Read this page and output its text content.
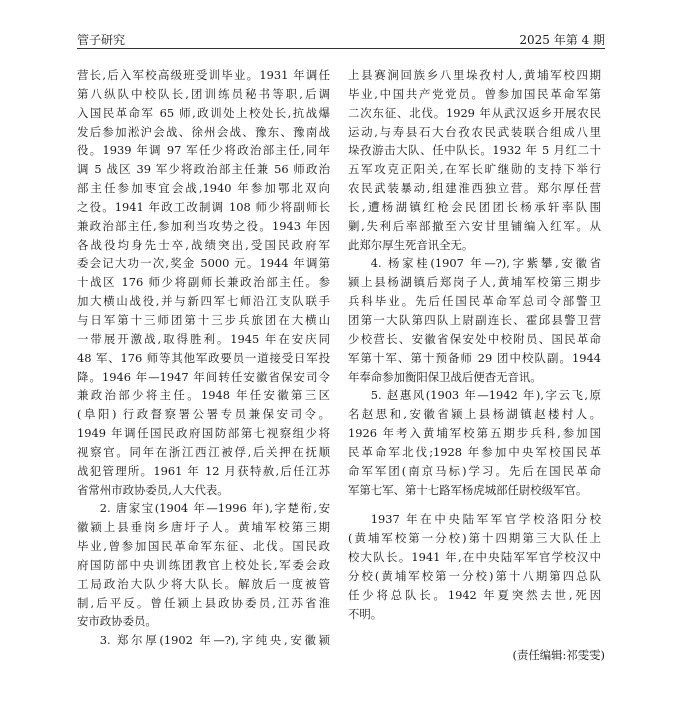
管子研究	2025 年第 4 期

营长,后入军校高级班受训毕业。1931 年调任
第八纵队中校队长,团训练员秘书等职,后调
入国民革命军 65 师,政训处上校处长,抗战爆
发后参加淞沪会战、徐州会战、豫东、豫南战
役。1939 年调 97 军任少将政治部主任,同年
调 5 战区 39 军少将政治部主任兼 56 师政治
部主任参加枣宜会战,1940 年参加鄂北双向
之役。1941 年政工改制调 108 师少将副师长
兼政治部主任,参加利当攻势之役。1943 年因
各战役均身先士卒,战绩突出,受国民政府军
委会记大功一次,奖金 5000 元。1944 年调第
十战区 176 师少将副师长兼政治部主任。参
加大横山战役,并与新四军七师沿江支队联手
与日军第十三师团第十三步兵旅团在大横山
一带展开激战,取得胜利。1945 年在安庆同
48 军、176 师等其他军政要员一道接受日军投
降。1946 年—1947 年间转任安徽省保安司令
兼政治部少将主任。1948 年任安徽第三区
(阜阳) 行政督察署公署专员兼保安司令。
1949 年调任国民政府国防部第七视察组少将
视察官。同年在浙江西江被俘,后关押在抚顺
战犯管理所。1961 年 12 月获特赦,后任江苏
省常州市政协委员,人大代表。

2. 唐家宝(1904 年—1996 年),字楚衔,安
徽颍上县垂岗乡唐圩子人。黄埔军校第三期
毕业,曾参加国民革命军东征、北伐。国民政
府国防部中央训练团教官上校处长,军委会政
工局政治大队少将大队长。解放后一度被管
制,后平反。曾任颍上县政协委员,江苏省淮
安市政协委员。

3. 郑尔厚(1902 年—?),字纯央,安徽颍

上县赛涧回族乡八里垛孜村人,黄埔军校四期
毕业,中国共产党党员。曾参加国民革命军第
二次东征、北伐。1929 年从武汉返乡开展农民
运动,与寿县石大台孜农民武装联合组成八里
垛孜游击大队、任中队长。1932 年 5 月红二十
五军攻克正阳关,在军长旷继勋的支持下举行
农民武装暴动,组建淮西独立营。郑尔厚任营
长,遭杨湖镇红枪会民团团长杨承轩率队围
剿,失利后率部撤至六安甘里铺编入红军。从
此郑尔厚生死音讯全无。

4. 杨家桂(1907 年—?),字紫攀,安徽省
颍上县杨湖镇后郑岗子人,黄埔军校第三期步
兵科毕业。先后任国民革命军总司令部警卫
团第一大队第四队上尉副连长、霍邱县警卫营
少校营长、安徽省保安处中校附员、国民革命
军第十军、第十预备师 29 团中校队副。1944
年奉命参加衡阳保卫战后便杳无音讯。

5. 赵惠风(1903 年—1942 年),字云飞,原
名赵思和,安徽省颍上县杨湖镇赵楼村人。
1926 年考入黄埔军校第五期步兵科,参加国
民革命军北伐;1928 年参加中央军校国民革
命军军团(南京马标)学习。先后在国民革命
军第七军、第十七路军杨虎城部任尉校级军官。

1937 年在中央陆军军官学校洛阳分校
(黄埔军校第一分校)第十四期第三大队任上
校大队长。1941 年,在中央陆军军官学校汉中
分校(黄埔军校第一分校)第十八期第四总队
任少将总队长。1942 年夏突然去世,死因
不明。

(责任编辑:祁雯雯)
